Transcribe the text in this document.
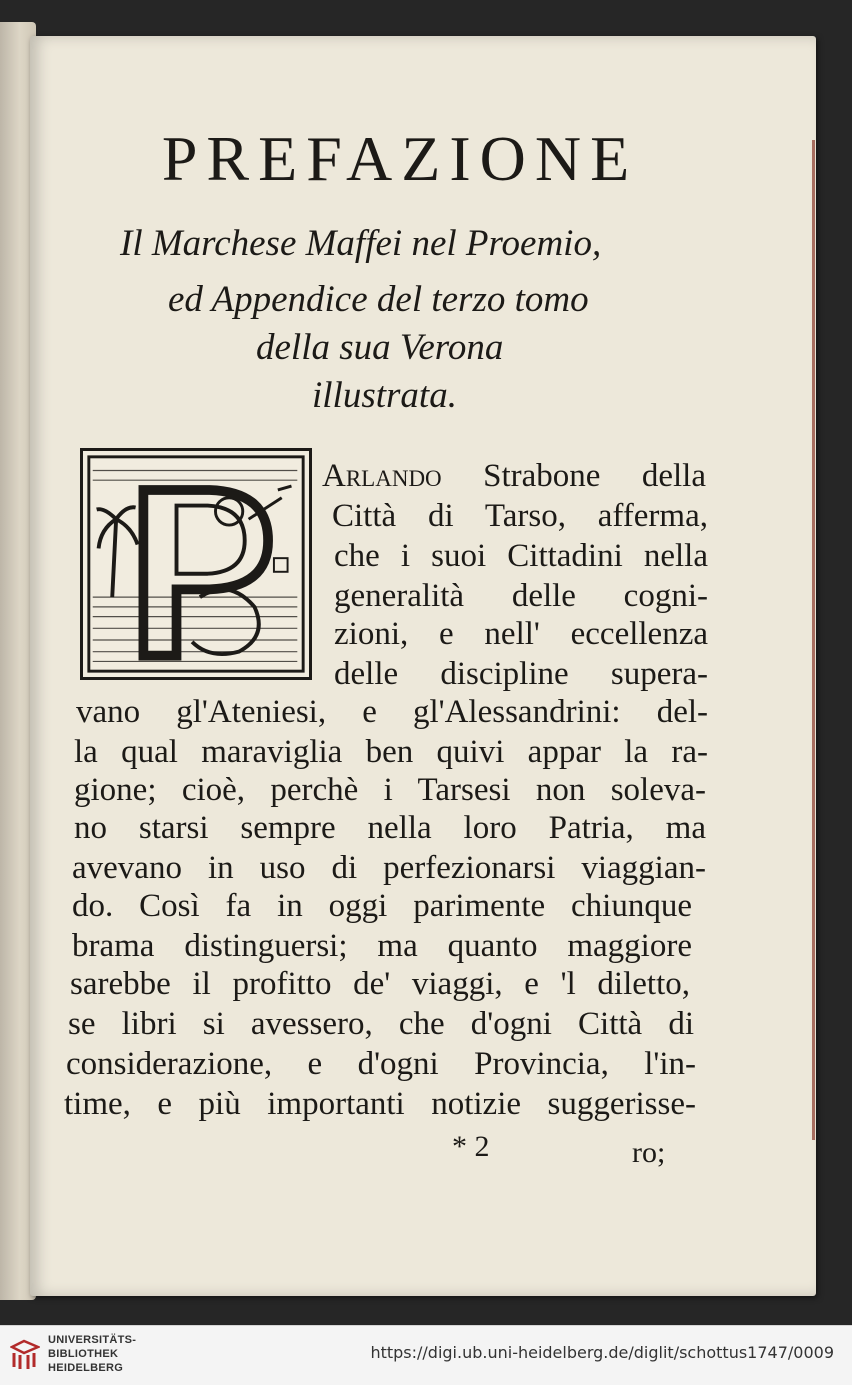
PREFAZIONE

Il Marchese Maffei nel Proemio,

ed Appendice del terzo tomo

della sua Verona

illustrata.

Arlando Strabone della

Città di Tarso, afferma,

che i suoi Cittadini nella

generalità delle cogni-

zioni, e nell' eccellenza

delle discipline supera-

vano gl'Ateniesi, e gl'Alessandrini: del-

la qual maraviglia ben quivi appar la ra-

gione; cioè, perchè i Tarsesi non soleva-

no starsi sempre nella loro Patria, ma

avevano in uso di perfezionarsi viaggian-

do. Così fa in oggi parimente chiunque

brama distinguersi; ma quanto maggiore

sarebbe il profitto de' viaggi, e 'l diletto,

se libri si avessero, che d'ogni Città di

considerazione, e d'ogni Provincia, l'in-

time, e più importanti notizie suggerisse-

* 2	ro;

UNIVERSITÄTS-
BIBLIOTHEK
HEIDELBERG
https://digi.ub.uni-heidelberg.de/diglit/schottus1747/0009
